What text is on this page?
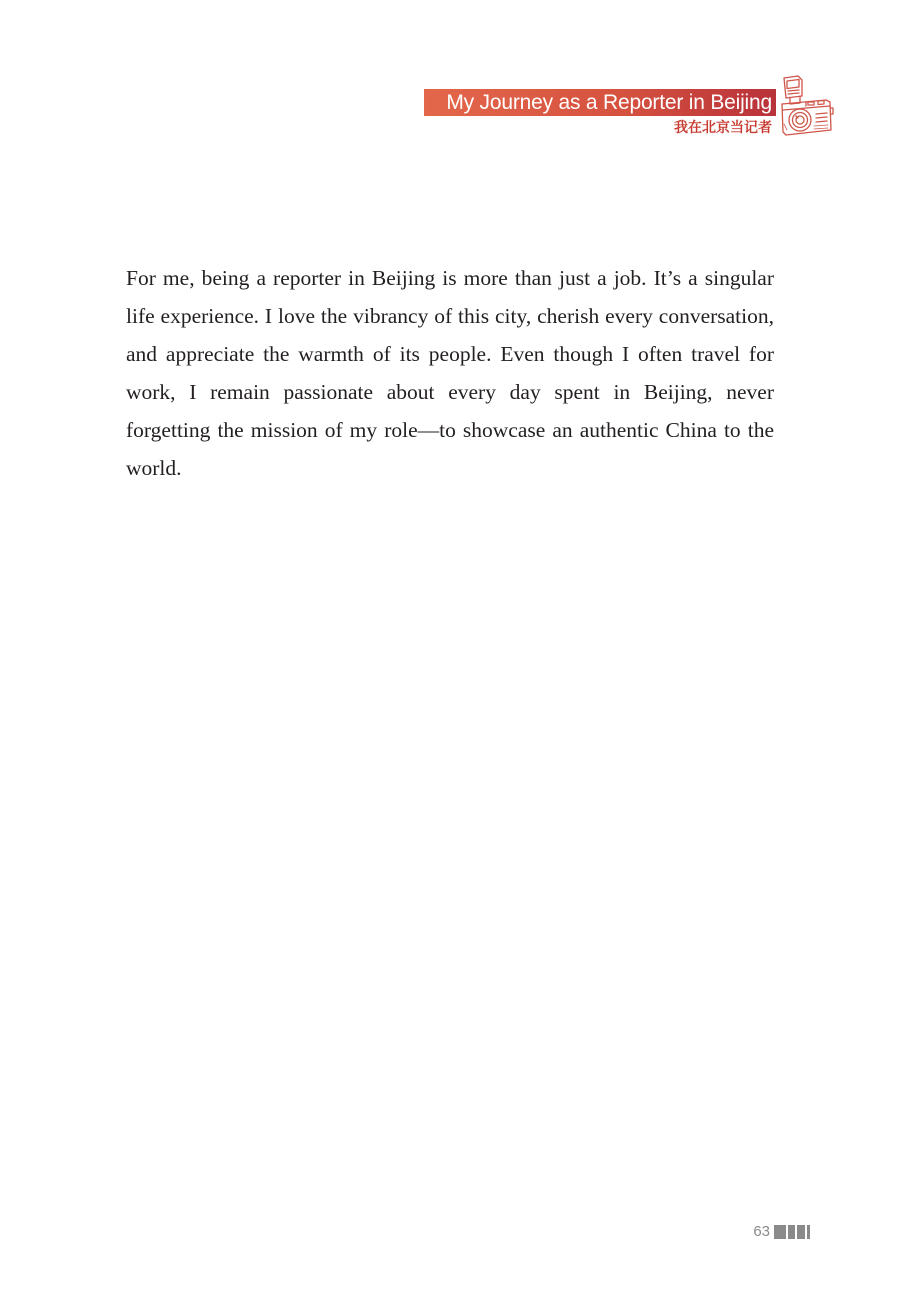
My Journey as a Reporter in Beijing
我在北京当记者

For me, being a reporter in Beijing is more than just a job. It’s a singular life experience. I love the vibrancy of this city, cherish every conversation, and appreciate the warmth of its people. Even though I often travel for work, I remain passionate about every day spent in Beijing, never forgetting the mission of my role—to showcase an authentic China to the world.

63
